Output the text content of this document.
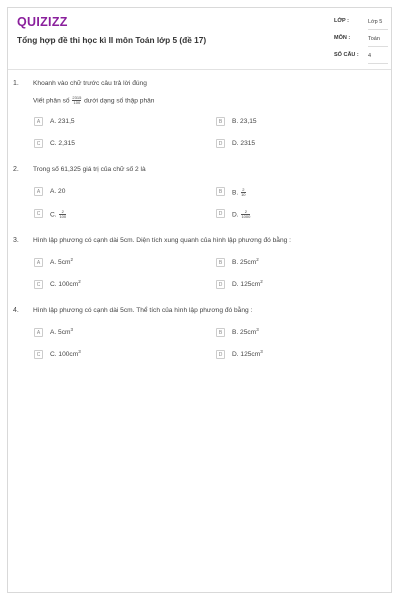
QUIZIZZ
Tổng hợp đề thi học kì II môn Toán lớp 5 (đề 17)
LỚP :	Lớp 5
MÔN :	Toán
SỐ CÂU : 4
1. Khoanh vào chữ trước câu trả lời đúng
Viết phân số $\frac{2315}{100}$ dưới dạng số thập phân
A	A. 231,5	B	B. 23,15
C	C. 2,315	D	D. 2315
2. Trong số 61,325 giá trị của chữ số 2 là
A	A. 20	B	B. $\frac{2}{10}$
C	C. $\frac{2}{100}$	D	D. $\frac{2}{1000}$
3. Hình lập phương có cạnh dài 5cm. Diện tích xung quanh của hình lập phương đó bằng :
A	A. $5cm^2$
B	B. $25cm^2$
C	C. $100cm^2$
D	D. $125cm^2$
4. Hình lập phương có cạnh dài 5cm. Thể tích của hình lập phương đó bằng :
A	A. $5cm^3$
B	B. $25cm^3$
C	C. $100cm^3$
D	D. $125cm^3$
